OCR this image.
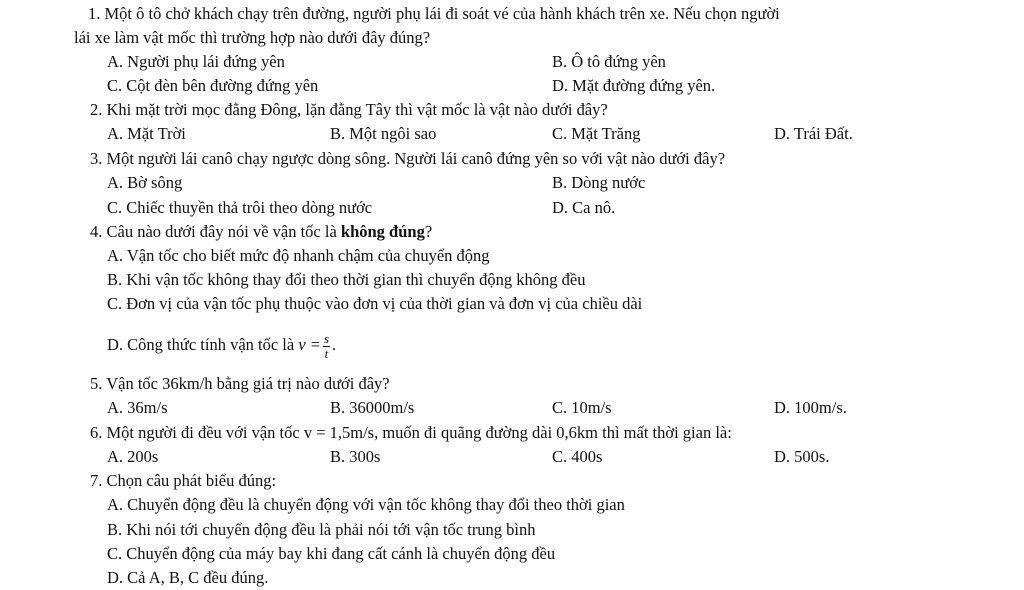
1. Một ô tô chở khách chạy trên đường, người phụ lái đi soát vé của hành khách trên xe. Nếu chọn người
lái xe làm vật mốc thì trường hợp nào dưới đây đúng?
A. Người phụ lái đứng yên	B. Ô tô đứng yên
C. Cột đèn bên đường đứng yên	D. Mặt đường đứng yên.
2. Khi mặt trời mọc đằng Đông, lặn đằng Tây thì vật mốc là vật nào dưới đây?
A. Mặt Trời	B. Một ngôi sao	C. Mặt Trăng	D. Trái Đất.
3. Một người lái canô chạy ngược dòng sông. Người lái canô đứng yên so với vật nào dưới đây?
A. Bờ sông	B. Dòng nước
C. Chiếc thuyền thả trôi theo dòng nước	D. Ca nô.
4. Câu nào dưới đây nói về vận tốc là không đúng?
A. Vận tốc cho biết mức độ nhanh chậm của chuyển động
B. Khi vận tốc không thay đổi theo thời gian thì chuyển động không đều
C. Đơn vị của vận tốc phụ thuộc vào đơn vị của thời gian và đơn vị của chiều dài
D. Công thức tính vận tốc là $v = \frac{s}{t}$ .
5. Vận tốc 36km/h bằng giá trị nào dưới đây?
A. 36m/s	B. 36000m/s	C. 10m/s	D. 100m/s.
6. Một người đi đều với vận tốc v = 1,5m/s, muốn đi quãng đường dài 0,6km thì mất thời gian là:
A. 200s	B. 300s	C. 400s	D. 500s.
7. Chọn câu phát biểu đúng:
A. Chuyển động đều là chuyển động với vận tốc không thay đổi theo thời gian
B. Khi nói tới chuyển động đều là phải nói tới vận tốc trung bình
C. Chuyển động của máy bay khi đang cất cánh là chuyển động đều
D. Cả A, B, C đều đúng.
